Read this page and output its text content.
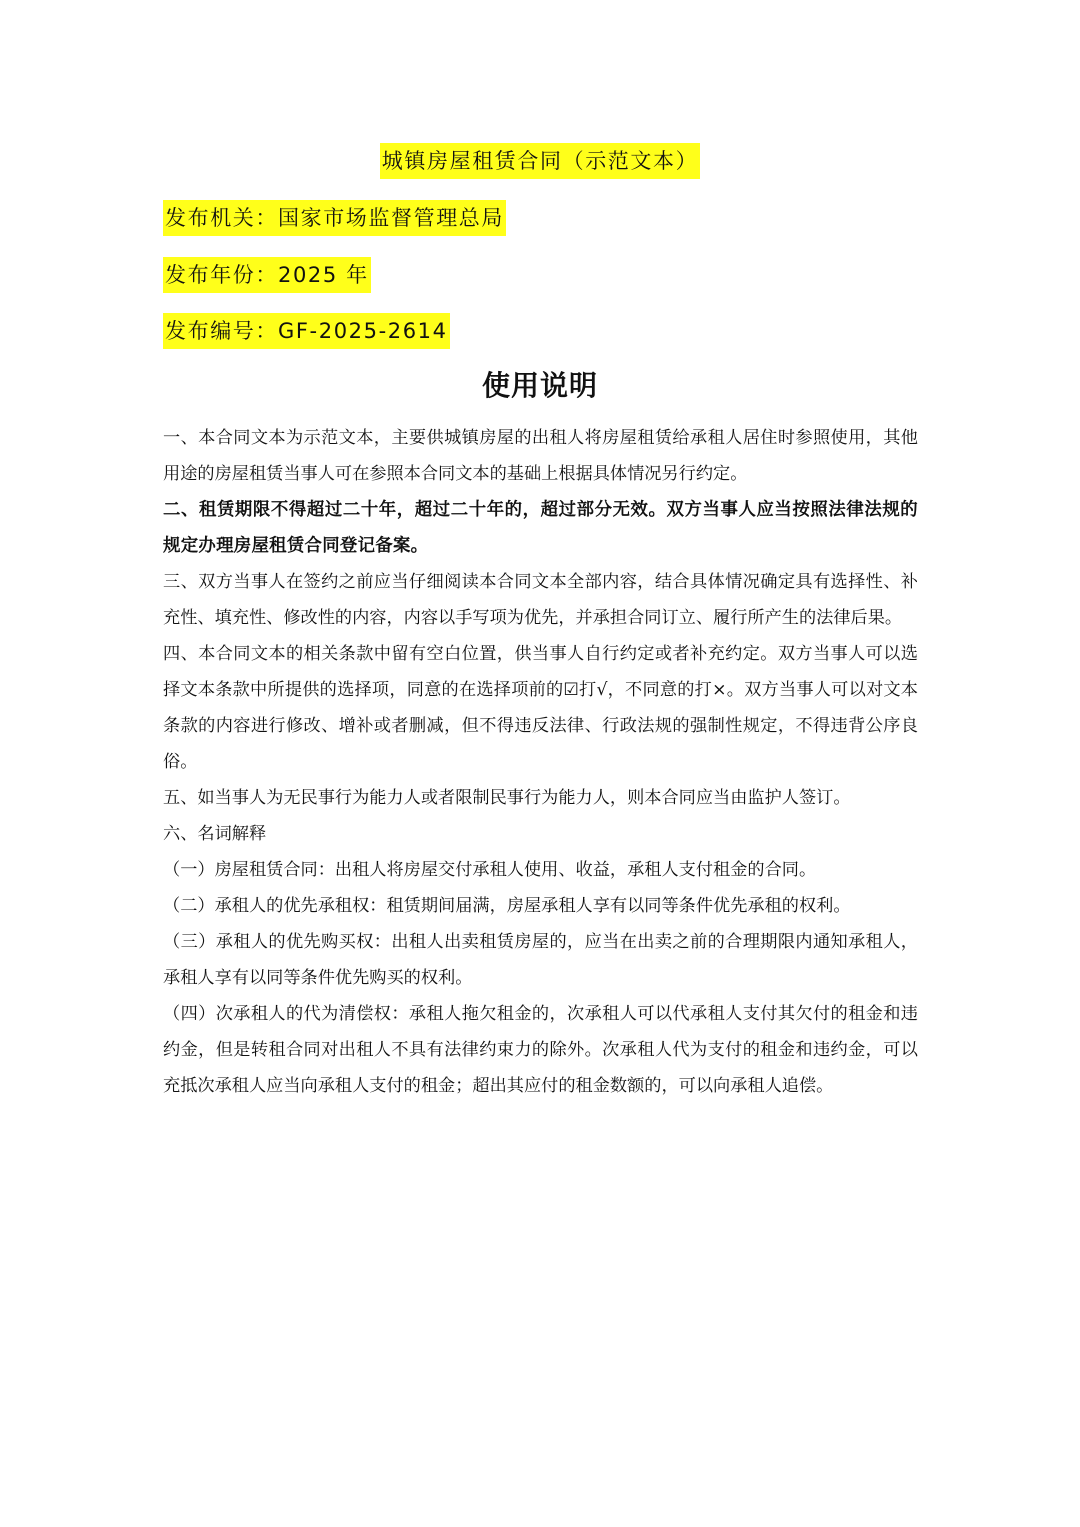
城镇房屋租赁合同（示范文本）
发布机关：国家市场监督管理总局
发布年份：2025 年
发布编号：GF-2025-2614
使用说明

一、本合同文本为示范文本，主要供城镇房屋的出租人将房屋租赁给承租人居住时参照使用，其他用途的房屋租赁当事人可在参照本合同文本的基础上根据具体情况另行约定。

二、租赁期限不得超过二十年，超过二十年的，超过部分无效。双方当事人应当按照法律法规的规定办理房屋租赁合同登记备案。

三、双方当事人在签约之前应当仔细阅读本合同文本全部内容，结合具体情况确定具有选择性、补充性、填充性、修改性的内容，内容以手写项为优先，并承担合同订立、履行所产生的法律后果。

四、本合同文本的相关条款中留有空白位置，供当事人自行约定或者补充约定。双方当事人可以选择文本条款中所提供的选择项，同意的在选择项前的☑打√，不同意的打×。双方当事人可以对文本条款的内容进行修改、增补或者删减，但不得违反法律、行政法规的强制性规定，不得违背公序良俗。

五、如当事人为无民事行为能力人或者限制民事行为能力人，则本合同应当由监护人签订。

六、名词解释

（一）房屋租赁合同：出租人将房屋交付承租人使用、收益，承租人支付租金的合同。

（二）承租人的优先承租权：租赁期间届满，房屋承租人享有以同等条件优先承租的权利。

（三）承租人的优先购买权：出租人出卖租赁房屋的，应当在出卖之前的合理期限内通知承租人，承租人享有以同等条件优先购买的权利。

（四）次承租人的代为清偿权：承租人拖欠租金的，次承租人可以代承租人支付其欠付的租金和违约金，但是转租合同对出租人不具有法律约束力的除外。次承租人代为支付的租金和违约金，可以充抵次承租人应当向承租人支付的租金；超出其应付的租金数额的，可以向承租人追偿。
